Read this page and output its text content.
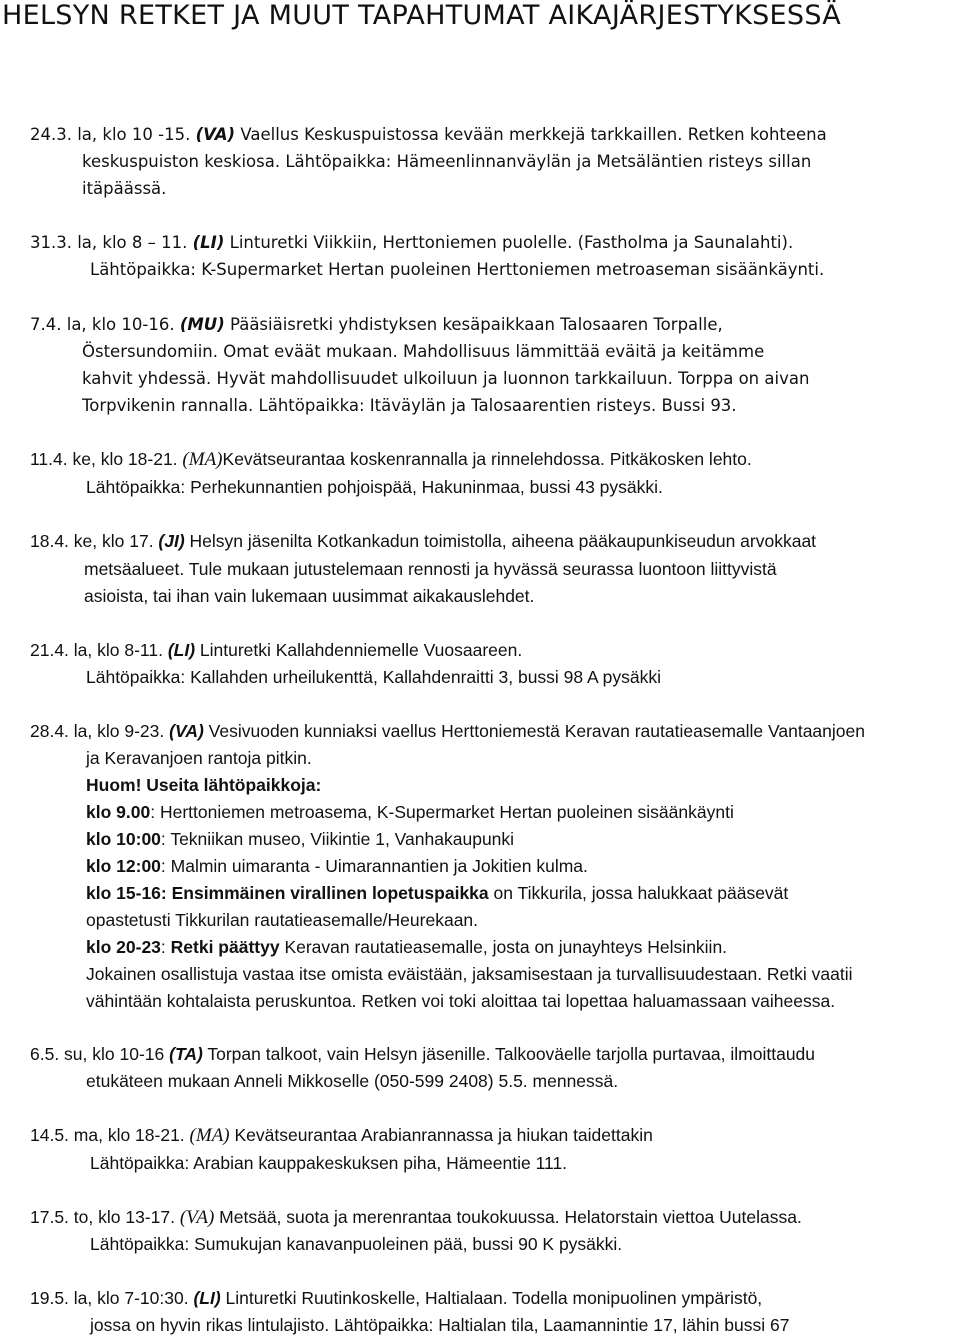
HELSYN RETKET JA MUUT TAPAHTUMAT AIKAJÄRJESTYKSESSÄ
24.3. la, klo 10 -15. (VA) Vaellus Keskuspuistossa kevään merkkejä tarkkaillen. Retken kohteena
keskuspuiston keskiosa. Lähtöpaikka: Hämeenlinnanväylän ja Metsäläntien risteys sillan
itäpäässä.
31.3. la, klo 8 – 11. (LI) Linturetki Viikkiin, Herttoniemen puolelle. (Fastholma ja Saunalahti).
Lähtöpaikka: K-Supermarket Hertan puoleinen Herttoniemen metroaseman sisäänkäynti.
7.4. la, klo 10-16. (MU) Pääsiäisretki yhdistyksen kesäpaikkaan Talosaaren Torpalle,
Östersundomiin. Omat eväät mukaan. Mahdollisuus lämmittää eväitä ja keitämme
kahvit yhdessä. Hyvät mahdollisuudet ulkoiluun ja luonnon tarkkailuun. Torppa on aivan
Torpvikenin rannalla. Lähtöpaikka: Itäväylän ja Talosaarentien risteys. Bussi 93.
11.4. ke, klo 18-21. (MA)Kevätseurantaa koskenrannalla ja rinnelehdossa. Pitkäkosken lehto.
Lähtöpaikka: Perhekunnantien pohjoispää, Hakuninmaa, bussi 43 pysäkki.
18.4. ke, klo 17. (JI) Helsyn jäsenilta Kotkankadun toimistolla, aiheena pääkaupunkiseudun arvokkaat
metsäalueet. Tule mukaan jutustelemaan rennosti ja hyvässä seurassa luontoon liittyvistä
asioista, tai ihan vain lukemaan uusimmat aikakauslehdet.
21.4. la, klo 8-11. (LI) Linturetki Kallahdenniemelle Vuosaareen.
Lähtöpaikka: Kallahden urheilukenttä, Kallahdenraitti 3, bussi 98 A pysäkki
28.4. la, klo 9-23. (VA) Vesivuoden kunniaksi vaellus Herttoniemestä Keravan rautatieasemalle Vantaanjoen
ja Keravanjoen rantoja pitkin.
Huom! Useita lähtöpaikkoja:
klo 9.00: Herttoniemen metroasema, K-Supermarket Hertan puoleinen sisäänkäynti
klo 10:00: Tekniikan museo, Viikintie 1, Vanhakaupunki
klo 12:00: Malmin uimaranta - Uimarannantien ja Jokitien kulma.
klo 15-16: Ensimmäinen virallinen lopetuspaikka on Tikkurila, jossa halukkaat pääsevät
opastetusti Tikkurilan rautatieasemalle/Heurekaan.
klo 20-23: Retki päättyy Keravan rautatieasemalle, josta on junayhteys Helsinkiin.
Jokainen osallistuja vastaa itse omista eväistään, jaksamisestaan ja turvallisuudestaan. Retki vaatii
vähintään kohtalaista peruskuntoa. Retken voi toki aloittaa tai lopettaa haluamassaan vaiheessa.
6.5. su, klo 10-16 (TA) Torpan talkoot, vain Helsyn jäsenille. Talkooväelle tarjolla purtavaa, ilmoittaudu
etukäteen mukaan Anneli Mikkoselle (050-599 2408) 5.5. mennessä.
14.5. ma, klo 18-21. (MA) Kevätseurantaa Arabianrannassa ja hiukan taidettakin
Lähtöpaikka: Arabian kauppakeskuksen piha, Hämeentie 111.
17.5. to, klo 13-17. (VA) Metsää, suota ja merenrantaa toukokuussa. Helatorstain viettoa Uutelassa.
Lähtöpaikka: Sumukujan kanavanpuoleinen pää, bussi 90 K pysäkki.
19.5. la, klo 7-10:30. (LI) Linturetki Ruutinkoskelle, Haltialaan. Todella monipuolinen ympäristö,
jossa on hyvin rikas lintulajisto. Lähtöpaikka: Haltialan tila, Laamannintie 17, lähin bussi 67
